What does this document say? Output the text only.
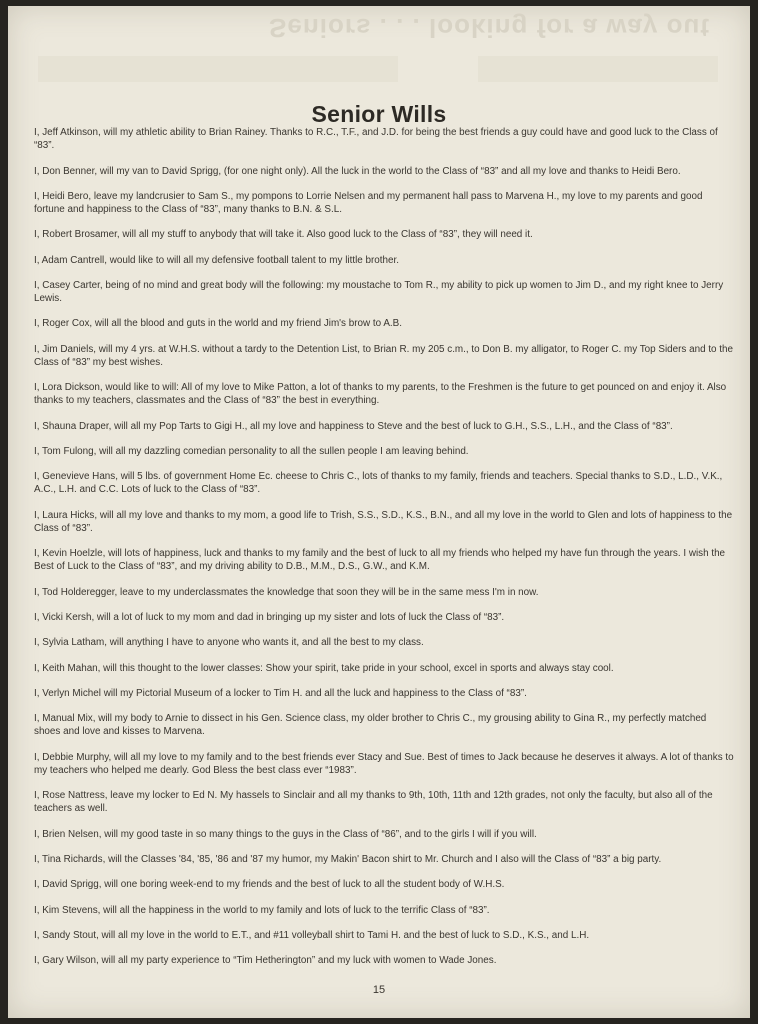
Seniors . . . looking for a way out
Senior Wills

I, Jeff Atkinson, will my athletic ability to Brian Rainey. Thanks to R.C., T.F., and J.D. for being the best friends a guy could have and good luck to the Class of “83”.

I, Don Benner, will my van to David Sprigg, (for one night only). All the luck in the world to the Class of “83” and all my love and thanks to Heidi Bero.

I, Heidi Bero, leave my landcrusier to Sam S., my pompons to Lorrie Nelsen and my permanent hall pass to Marvena H., my love to my parents and good fortune and happiness to the Class of “83”, many thanks to B.N. & S.L.

I, Robert Brosamer, will all my stuff to anybody that will take it. Also good luck to the Class of “83”, they will need it.

I, Adam Cantrell, would like to will all my defensive football talent to my little brother.

I, Casey Carter, being of no mind and great body will the following: my moustache to Tom R., my ability to pick up women to Jim D., and my right knee to Jerry Lewis.

I, Roger Cox, will all the blood and guts in the world and my friend Jim's brow to A.B.

I, Jim Daniels, will my 4 yrs. at W.H.S. without a tardy to the Detention List, to Brian R. my 205 c.m., to Don B. my alligator, to Roger C. my Top Siders and to the Class of “83” my best wishes.

I, Lora Dickson, would like to will: All of my love to Mike Patton, a lot of thanks to my parents, to the Freshmen is the future to get pounced on and enjoy it. Also thanks to my teachers, classmates and the Class of “83” the best in everything.

I, Shauna Draper, will all my Pop Tarts to Gigi H., all my love and happiness to Steve and the best of luck to G.H., S.S., L.H., and the Class of “83”.

I, Tom Fulong, will all my dazzling comedian personality to all the sullen people I am leaving behind.

I, Genevieve Hans, will 5 lbs. of government Home Ec. cheese to Chris C., lots of thanks to my family, friends and teachers. Special thanks to S.D., L.D., V.K., A.C., L.H. and C.C. Lots of luck to the Class of “83”.

I, Laura Hicks, will all my love and thanks to my mom, a good life to Trish, S.S., S.D., K.S., B.N., and all my love in the world to Glen and lots of happiness to the Class of “83”.

I, Kevin Hoelzle, will lots of happiness, luck and thanks to my family and the best of luck to all my friends who helped my have fun through the years. I wish the Best of Luck to the Class of “83”, and my driving ability to D.B., M.M., D.S., G.W., and K.M.

I, Tod Holderegger, leave to my underclassmates the knowledge that soon they will be in the same mess I'm in now.

I, Vicki Kersh, will a lot of luck to my mom and dad in bringing up my sister and lots of luck the Class of “83”.

I, Sylvia Latham, will anything I have to anyone who wants it, and all the best to my class.

I, Keith Mahan, will this thought to the lower classes: Show your spirit, take pride in your school, excel in sports and always stay cool.

I, Verlyn Michel will my Pictorial Museum of a locker to Tim H. and all the luck and happiness to the Class of “83”.

I, Manual Mix, will my body to Arnie to dissect in his Gen. Science class, my older brother to Chris C., my grousing ability to Gina R., my perfectly matched shoes and love and kisses to Marvena.

I, Debbie Murphy, will all my love to my family and to the best friends ever Stacy and Sue. Best of times to Jack because he deserves it always. A lot of thanks to my teachers who helped me dearly. God Bless the best class ever “1983”.

I, Rose Nattress, leave my locker to Ed N. My hassels to Sinclair and all my thanks to 9th, 10th, 11th and 12th grades, not only the faculty, but also all of the teachers as well.

I, Brien Nelsen, will my good taste in so many things to the guys in the Class of “86”, and to the girls I will if you will.

I, Tina Richards, will the Classes '84, '85, '86 and '87 my humor, my Makin' Bacon shirt to Mr. Church and I also will the Class of “83” a big party.

I, David Sprigg, will one boring week-end to my friends and the best of luck to all the student body of W.H.S.

I, Kim Stevens, will all the happiness in the world to my family and lots of luck to the terrific Class of “83”.

I, Sandy Stout, will all my love in the world to E.T., and #11 volleyball shirt to Tami H. and the best of luck to S.D., K.S., and L.H.

I, Gary Wilson, will all my party experience to “Tim Hetherington” and my luck with women to Wade Jones.

15
